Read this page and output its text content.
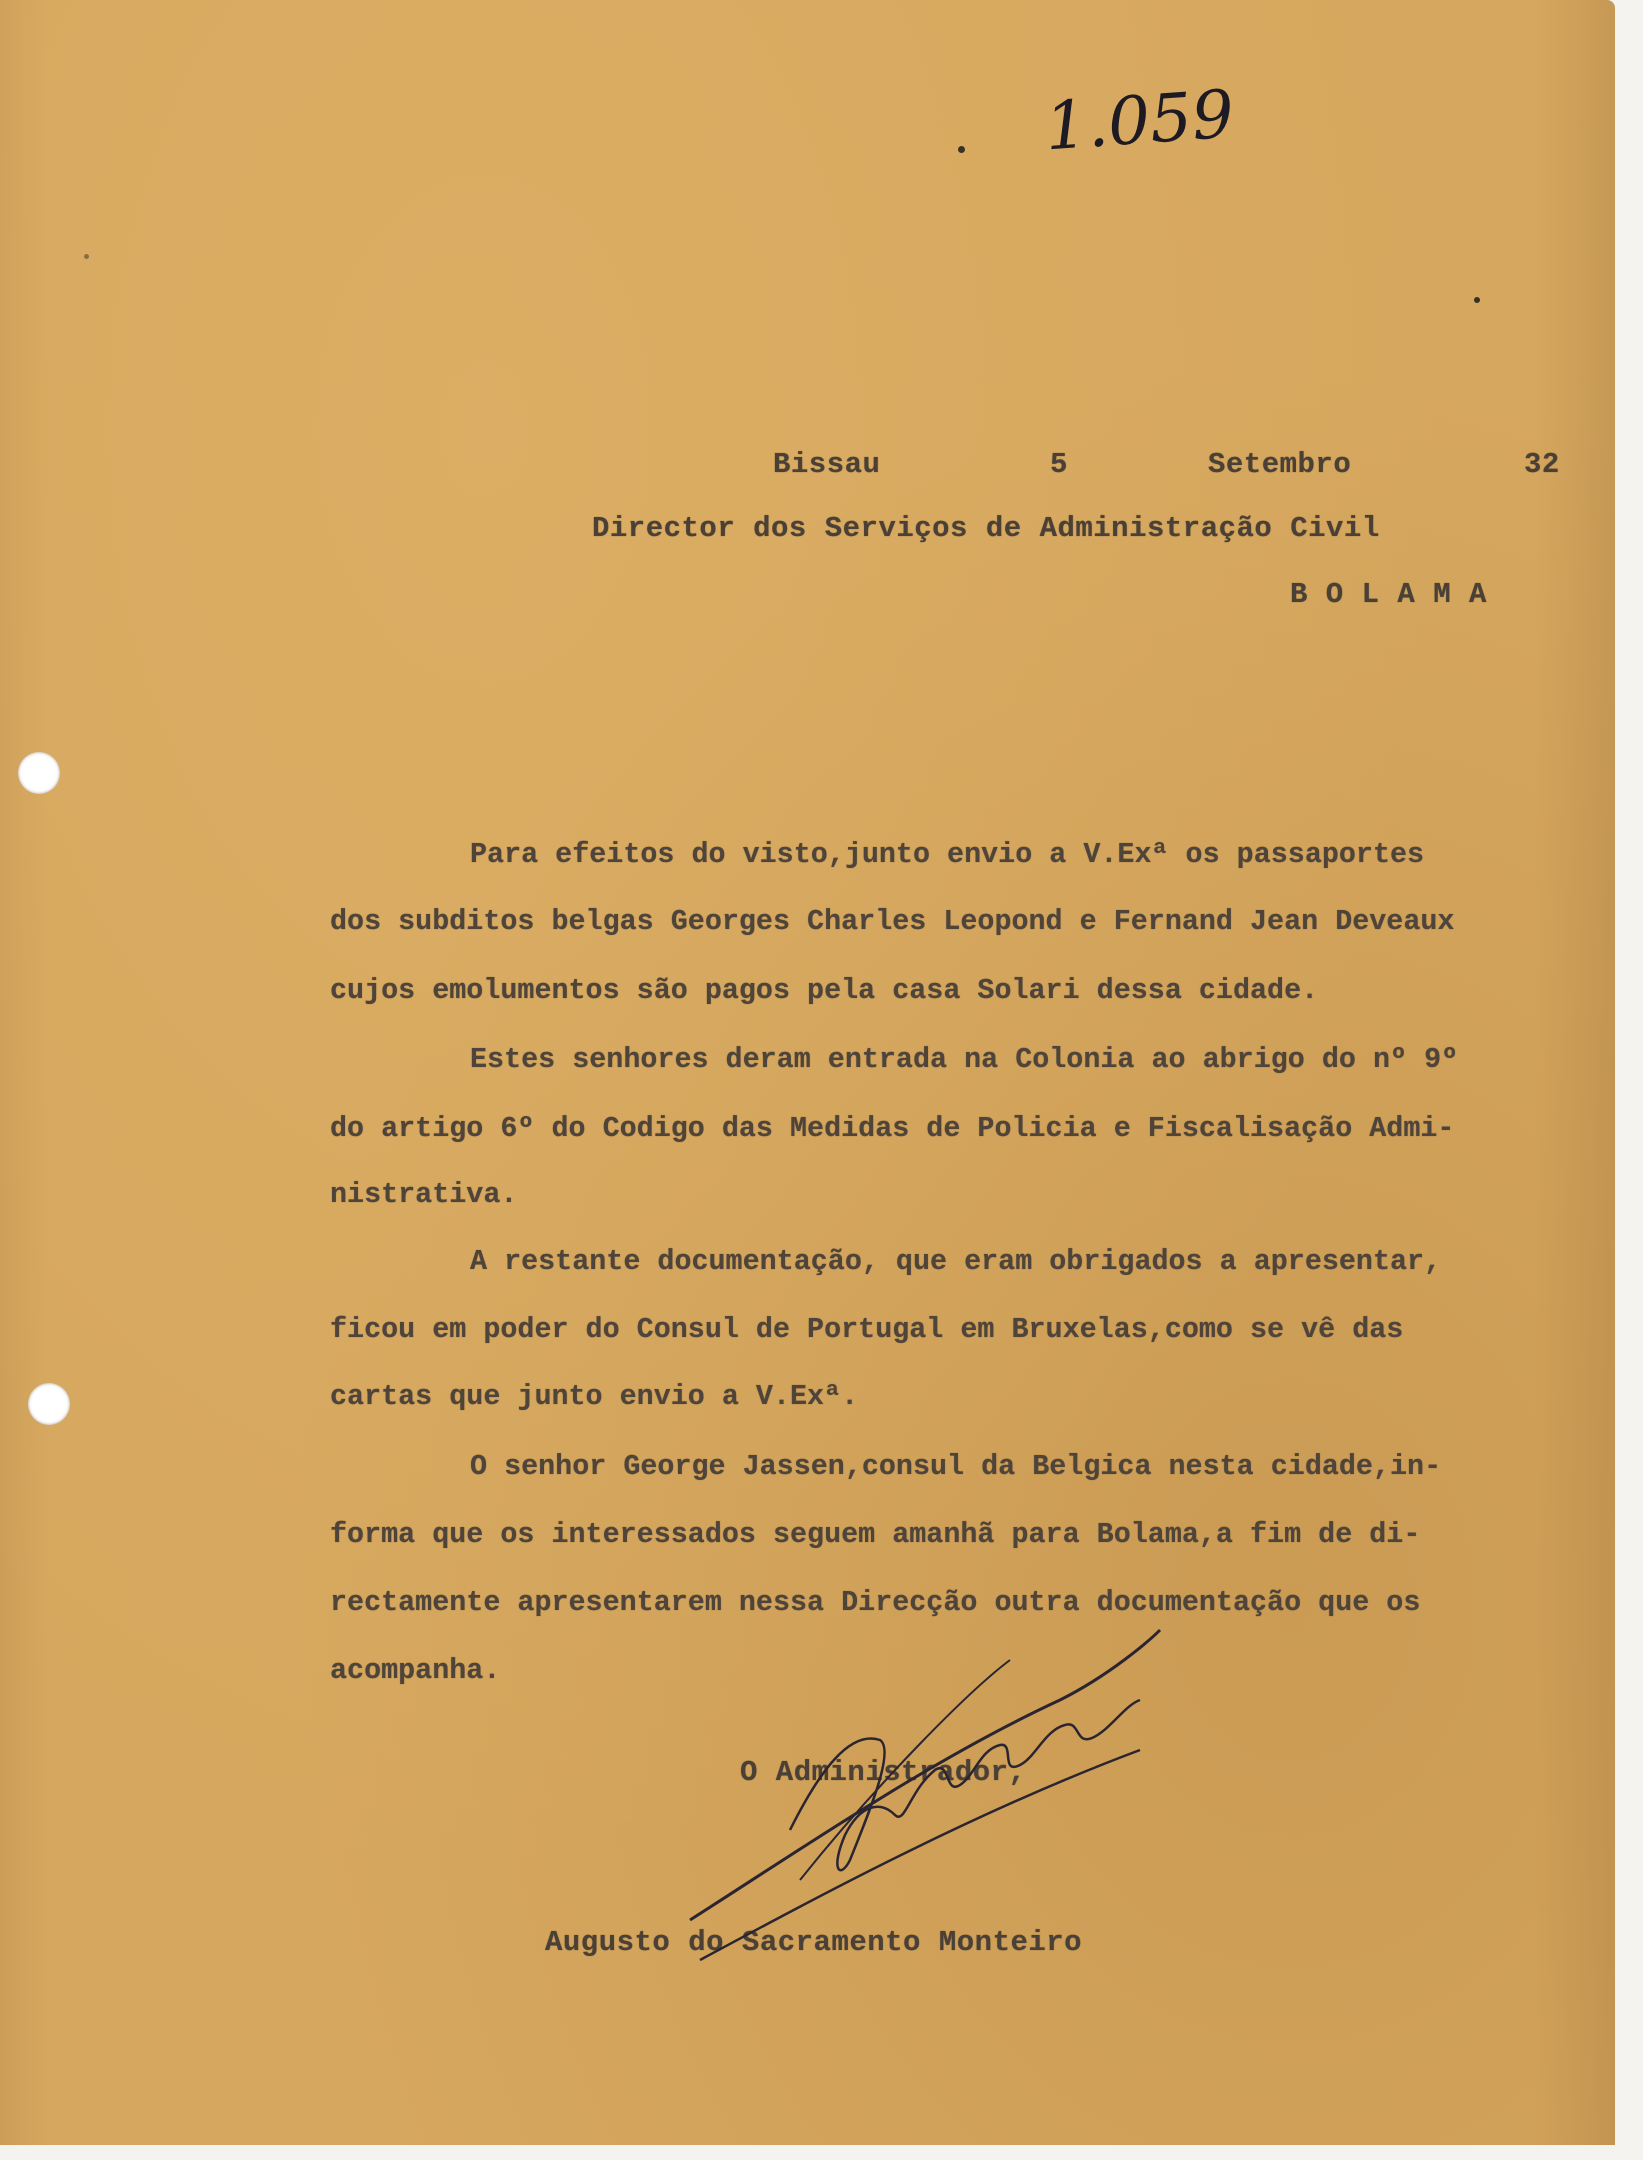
1.059
Bissau	5	Setembro	32
Director dos Serviços de Administração Civil
B O L A M A
Para efeitos do visto,junto envio a V.Exª os passaportes
dos subditos belgas Georges Charles Leopond e Fernand Jean Deveaux
cujos emolumentos são pagos pela casa Solari dessa cidade.
Estes senhores deram entrada na Colonia ao abrigo do nº 9º
do artigo 6º do Codigo das Medidas de Policia e Fiscalisação Admi-
nistrativa.
A restante documentação, que eram obrigados a apresentar,
ficou em poder do Consul de Portugal em Bruxelas,como se vê das
cartas que junto envio a V.Exª.
O senhor George Jassen,consul da Belgica nesta cidade,in-
forma que os interessados seguem amanhã para Bolama,a fim de di-
rectamente apresentarem nessa Direcção outra documentação que os
acompanha.
O Administrador,
Augusto do Sacramento Monteiro
